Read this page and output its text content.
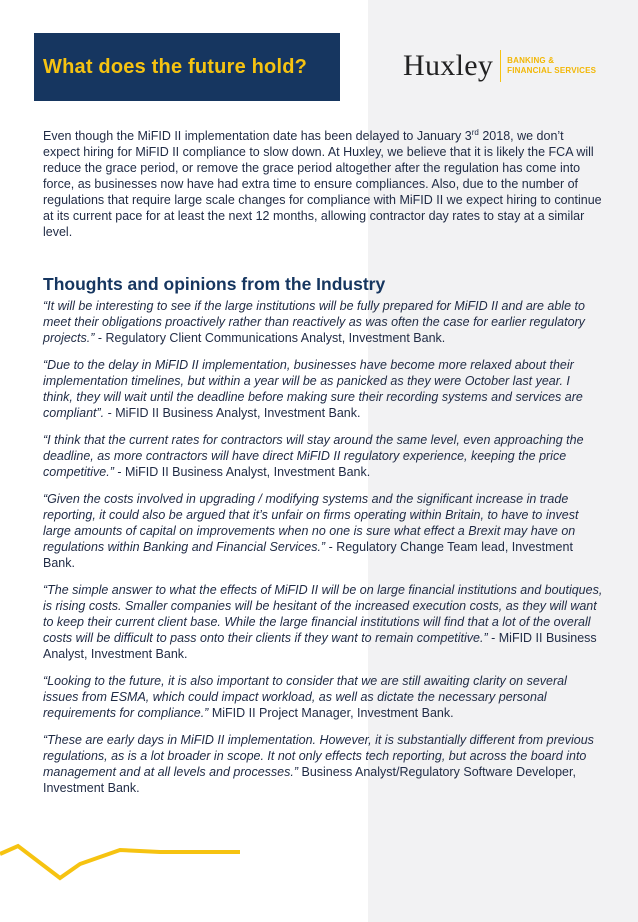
What does the future hold?	Huxley BANKING &
FINANCIAL SERVICES

Even though the MiFID II implementation date has been delayed to January 3rd 2018, we don’t expect hiring for MiFID II compliance to slow down. At Huxley, we believe that it is likely the FCA will reduce the grace period, or remove the grace period altogether after the regulation has come into force, as businesses now have had extra time to ensure compliances. Also, due to the number of regulations that require large scale changes for compliance with MiFID II we expect hiring to continue at its current pace for at least the next 12 months, allowing contractor day rates to stay at a similar level.

Thoughts and opinions from the Industry

“It will be interesting to see if the large institutions will be fully prepared for MiFID II and are able to meet their obligations proactively rather than reactively as was often the case for earlier regulatory projects.” - Regulatory Client Communications Analyst, Investment Bank.

“Due to the delay in MiFID II implementation, businesses have become more relaxed about their implementation timelines, but within a year will be as panicked as they were October last year. I think, they will wait until the deadline before making sure their recording systems and services are compliant”. - MiFID II Business Analyst, Investment Bank.

“I think that the current rates for contractors will stay around the same level, even approaching the deadline, as more contractors will have direct MiFID II regulatory experience, keeping the price competitive.” - MiFID II Business Analyst, Investment Bank.

“Given the costs involved in upgrading / modifying systems and the significant increase in trade reporting, it could also be argued that it’s unfair on firms operating within Britain, to have to invest large amounts of capital on improvements when no one is sure what effect a Brexit may have on regulations within Banking and Financial Services.” - Regulatory Change Team lead, Investment Bank.

“The simple answer to what the effects of MiFID II will be on large financial institutions and boutiques, is rising costs. Smaller companies will be hesitant of the increased execution costs, as they will want to keep their current client base. While the large financial institutions will find that a lot of the overall costs will be difficult to pass onto their clients if they want to remain competitive.” - MiFID II Business Analyst, Investment Bank.

“Looking to the future, it is also important to consider that we are still awaiting clarity on several issues from ESMA, which could impact workload, as well as dictate the necessary personal requirements for compliance.” MiFID II Project Manager, Investment Bank.

“These are early days in MiFID II implementation. However, it is substantially different from previous regulations, as is a lot broader in scope. It not only effects tech reporting, but across the board into management and at all levels and processes.” Business Analyst/Regulatory Software Developer, Investment Bank.
